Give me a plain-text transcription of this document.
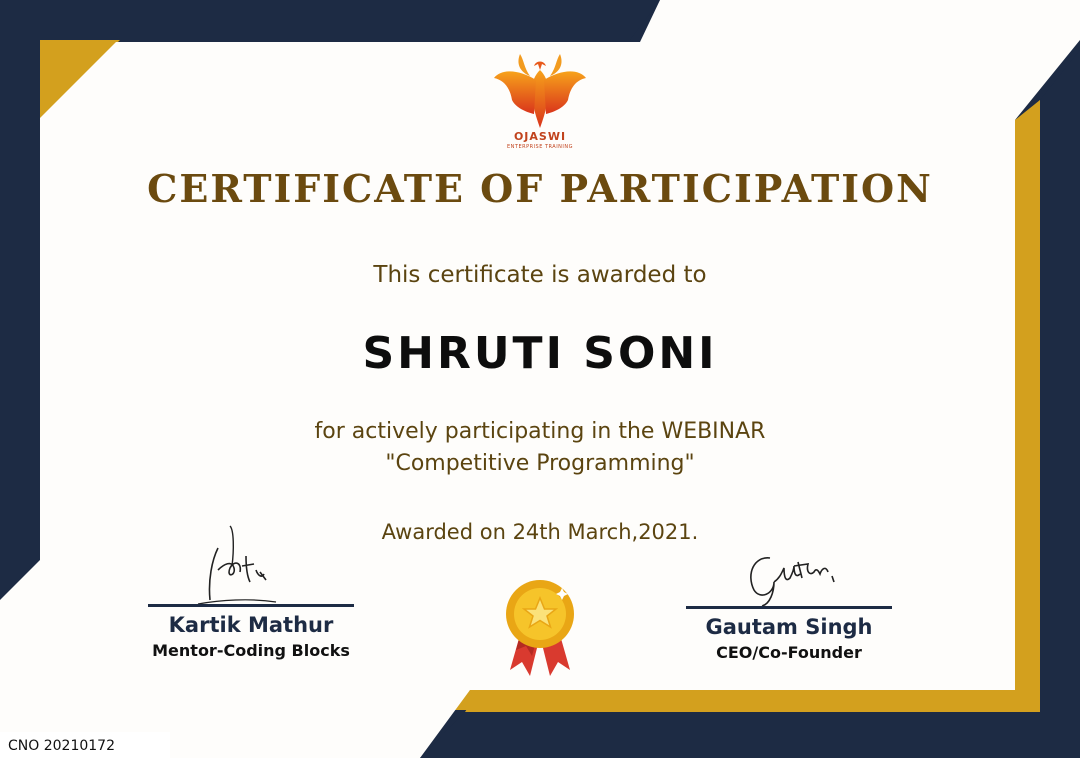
OJASWI
ENTERPRISE TRAINING
CERTIFICATE OF PARTICIPATION
This certificate is awarded to
SHRUTI SONI
for actively participating in the WEBINAR
"Competitive Programming"
Awarded on 24th March,2021.
Kartik Mathur
Mentor-Coding Blocks
Gautam Singh
CEO/Co-Founder
CNO 20210172
